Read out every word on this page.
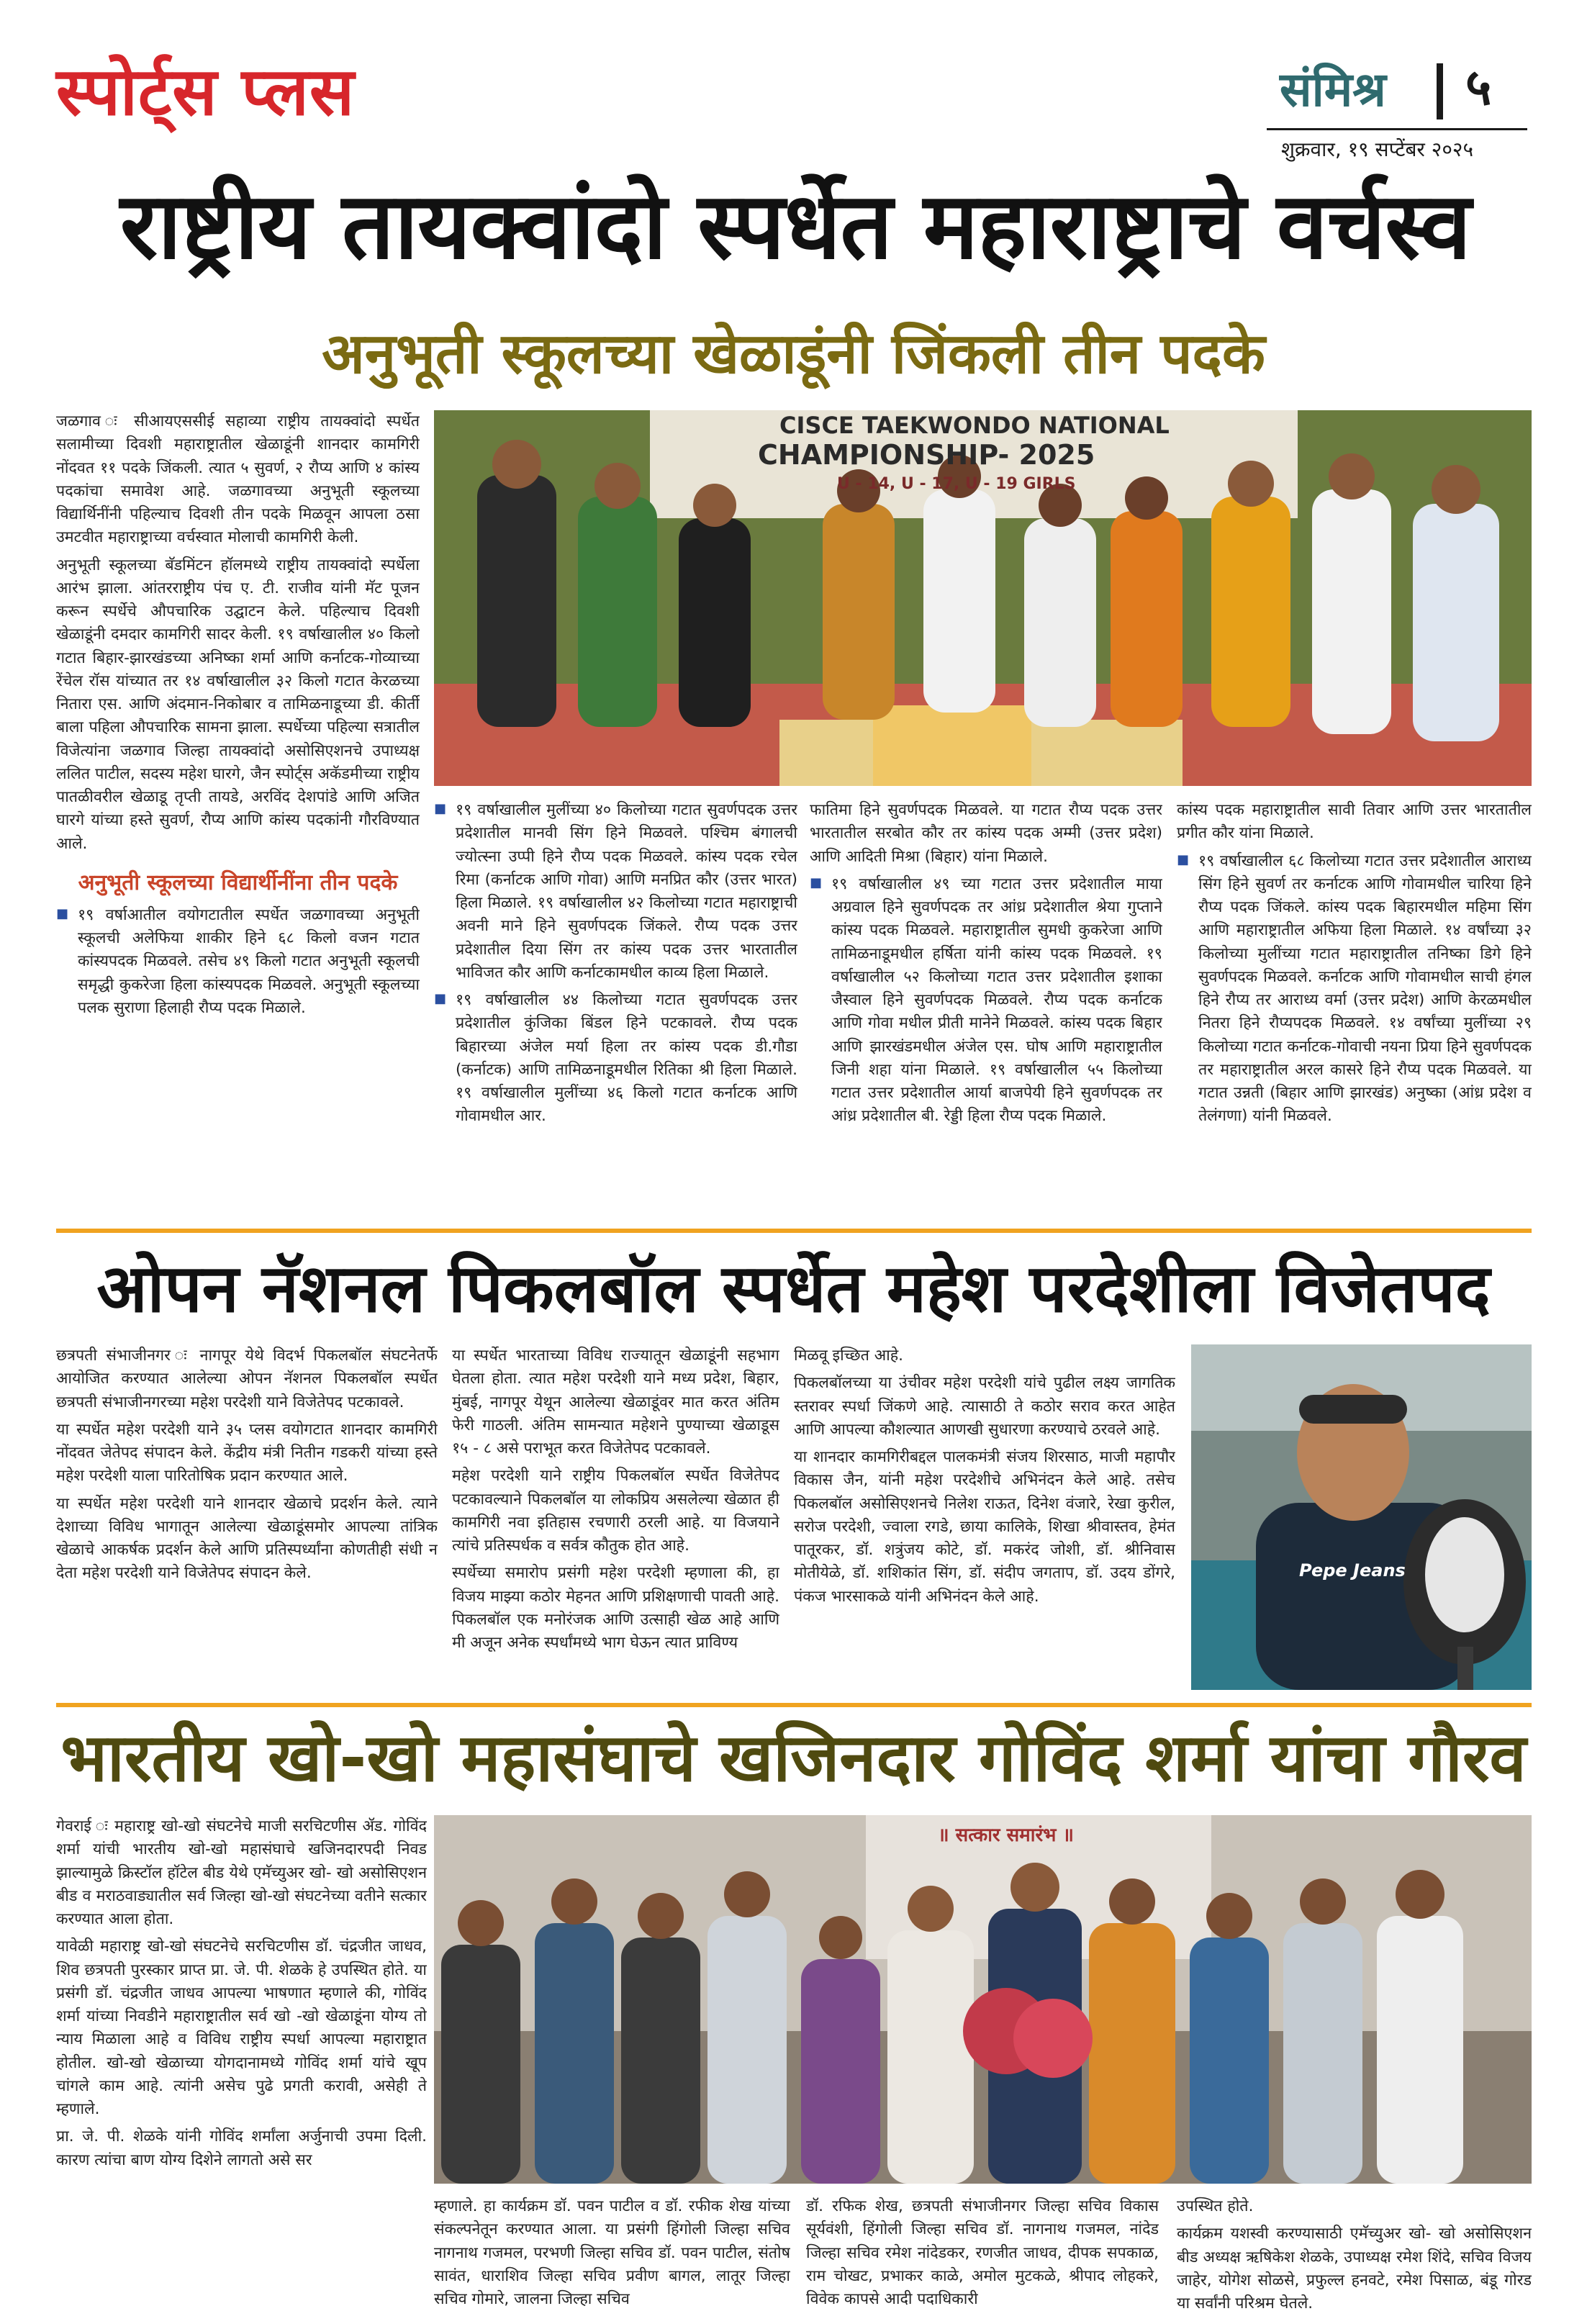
स्पोर्ट्स प्लस	संमिश्र ५
शुक्रवार, १९ सप्टेंबर २०२५
राष्ट्रीय तायक्वांदो स्पर्धेत महाराष्ट्राचे वर्चस्व
अनुभूती स्कूलच्या खेळाडूंनी जिंकली तीन पदके
CISCE TAEKWONDO NATIONAL
CHAMPIONSHIP- 2025
U - 14, U - 17, U - 19 GIRLS

जळगाव ः सीआयएससीई सहाव्या राष्ट्रीय तायक्वांदो स्पर्धेत सलामीच्या दिवशी महाराष्ट्रातील खेळाडूंनी शानदार कामगिरी नोंदवत ११ पदके जिंकली. त्यात ५ सुवर्ण, २ रौप्य आणि ४ कांस्य पदकांचा समावेश आहे. जळगावच्या अनुभूती स्कूलच्या विद्यार्थिनींनी पहिल्याच दिवशी तीन पदके मिळवून आपला ठसा उमटवीत महाराष्ट्राच्या वर्चस्वात मोलाची कामगिरी केली.

अनुभूती स्कूलच्या बॅडमिंटन हॉलमध्ये राष्ट्रीय तायक्वांदो स्पर्धेला आरंभ झाला. आंतरराष्ट्रीय पंच ए. टी. राजीव यांनी मॅट पूजन करून स्पर्धेचे औपचारिक उद्घाटन केले. पहिल्याच दिवशी खेळाडूंनी दमदार कामगिरी सादर केली. १९ वर्षाखालील ४० किलो गटात बिहार-झारखंडच्या अनिष्का शर्मा आणि कर्नाटक-गोव्याच्या रेंचेल रॉस यांच्यात तर १४ वर्षाखालील ३२ किलो गटात केरळच्या नितारा एस. आणि अंदमान-निकोबार व तामिळनाडूच्या डी. कीर्ती बाला पहिला औपचारिक सामना झाला. स्पर्धेच्या पहिल्या सत्रातील विजेत्यांना जळगाव जिल्हा तायक्वांदो असोसिएशनचे उपाध्यक्ष ललित पाटील, सदस्य महेश घारगे, जैन स्पोर्ट्स अकॅडमीच्या राष्ट्रीय पातळीवरील खेळाडू तृप्ती तायडे, अरविंद देशपांडे आणि अजित घारगे यांच्या हस्ते सुवर्ण, रौप्य आणि कांस्य पदकांनी गौरविण्यात आले.

अनुभूती स्कूलच्या विद्यार्थीनींना तीन पदके

■ १९ वर्षाआतील वयोगटातील स्पर्धेत जळगावच्या अनुभूती स्कूलची अलेफिया शाकीर हिने ६८ किलो वजन गटात कांस्यपदक मिळवले. तसेच ४९ किलो गटात अनुभूती स्कूलची समृद्धी कुकरेजा हिला कांस्यपदक मिळवले. अनुभूती स्कूलच्या पलक सुराणा हिलाही रौप्य पदक मिळाले.

■ १९ वर्षाखालील मुलींच्या ४० किलोच्या गटात सुवर्णपदक उत्तर प्रदेशातील मानवी सिंग हिने मिळवले. पश्चिम बंगालची ज्योत्स्ना उप्पी हिने रौप्य पदक मिळवले. कांस्य पदक रचेल रिमा (कर्नाटक आणि गोवा) आणि मनप्रित कौर (उत्तर भारत) हिला मिळाले. १९ वर्षाखालील ४२ किलोच्या गटात महाराष्ट्राची अवनी माने हिने सुवर्णपदक जिंकले. रौप्य पदक उत्तर प्रदेशातील दिया सिंग तर कांस्य पदक उत्तर भारतातील भाविजत कौर आणि कर्नाटकामधील काव्य हिला मिळाले.

■ १९ वर्षाखालील ४४ किलोच्या गटात सुवर्णपदक उत्तर प्रदेशातील कुंजिका बिंडल हिने पटकावले. रौप्य पदक बिहारच्या अंजेल मर्या हिला तर कांस्य पदक डी.गौडा (कर्नाटक) आणि तामिळनाडूमधील रितिका श्री हिला मिळाले. १९ वर्षाखालील मुलींच्या ४६ किलो गटात कर्नाटक आणि गोवामधील आर.

फातिमा हिने सुवर्णपदक मिळवले. या गटात रौप्य पदक उत्तर भारतातील सरबोत कौर तर कांस्य पदक अम्मी (उत्तर प्रदेश) आणि आदिती मिश्रा (बिहार) यांना मिळाले.

■ १९ वर्षाखालील ४९ च्या गटात उत्तर प्रदेशातील माया अग्रवाल हिने सुवर्णपदक तर आंध्र प्रदेशातील श्रेया गुप्ताने कांस्य पदक मिळवले. महाराष्ट्रातील सुमधी कुकरेजा आणि तामिळनाडूमधील हर्षिता यांनी कांस्य पदक मिळवले. १९ वर्षाखालील ५२ किलोच्या गटात उत्तर प्रदेशातील इशाका जैस्वाल हिने सुवर्णपदक मिळवले. रौप्य पदक कर्नाटक आणि गोवा मधील प्रीती मानेने मिळवले. कांस्य पदक बिहार आणि झारखंडमधील अंजेल एस. घोष आणि महाराष्ट्रातील जिनी शहा यांना मिळाले. १९ वर्षाखालील ५५ किलोच्या गटात उत्तर प्रदेशातील आर्या बाजपेयी हिने सुवर्णपदक तर आंध्र प्रदेशातील बी. रेड्डी हिला रौप्य पदक मिळाले.

कांस्य पदक महाराष्ट्रातील सावी तिवार आणि उत्तर भारतातील प्रगीत कौर यांना मिळाले.

■ १९ वर्षाखालील ६८ किलोच्या गटात उत्तर प्रदेशातील आराध्य सिंग हिने सुवर्ण तर कर्नाटक आणि गोवामधील चारिया हिने रौप्य पदक जिंकले. कांस्य पदक बिहारमधील महिमा सिंग आणि महाराष्ट्रातील अफिया हिला मिळाले. १४ वर्षांच्या ३२ किलोच्या मुलींच्या गटात महाराष्ट्रातील तनिष्का डिगे हिने सुवर्णपदक मिळवले. कर्नाटक आणि गोवामधील साची हंगल हिने रौप्य तर आराध्य वर्मा (उत्तर प्रदेश) आणि केरळमधील नितरा हिने रौप्यपदक मिळवले. १४ वर्षांच्या मुलींच्या २९ किलोच्या गटात कर्नाटक-गोवाची नयना प्रिया हिने सुवर्णपदक तर महाराष्ट्रातील अरल कासरे हिने रौप्य पदक मिळवले. या गटात उन्नती (बिहार आणि झारखंड) अनुष्का (आंध्र प्रदेश व तेलंगणा) यांनी मिळवले.

ओपन नॅशनल पिकलबॉल स्पर्धेत महेश परदेशीला विजेतपद

छत्रपती संभाजीनगर ः नागपूर येथे विदर्भ पिकलबॉल संघटनेतर्फे आयोजित करण्यात आलेल्या ओपन नॅशनल पिकलबॉल स्पर्धेत छत्रपती संभाजीनगरच्या महेश परदेशी याने विजेतेपद पटकावले.

या स्पर्धेत महेश परदेशी याने ३५ प्लस वयोगटात शानदार कामगिरी नोंदवत जेतेपद संपादन केले. केंद्रीय मंत्री नितीन गडकरी यांच्या हस्ते महेश परदेशी याला पारितोषिक प्रदान करण्यात आले.

या स्पर्धेत महेश परदेशी याने शानदार खेळाचे प्रदर्शन केले. त्याने देशाच्या विविध भागातून आलेल्या खेळाडूंसमोर आपल्या तांत्रिक खेळाचे आकर्षक प्रदर्शन केले आणि प्रतिस्पर्ध्यांना कोणतीही संधी न देता महेश परदेशी याने विजेतेपद संपादन केले.

या स्पर्धेत भारताच्या विविध राज्यातून खेळाडूंनी सहभाग घेतला होता. त्यात महेश परदेशी याने मध्य प्रदेश, बिहार, मुंबई, नागपूर येथून आलेल्या खेळाडूंवर मात करत अंतिम फेरी गाठली. अंतिम सामन्यात महेशने पुण्याच्या खेळाडूस १५ - ८ असे पराभूत करत विजेतेपद पटकावले.

महेश परदेशी याने राष्ट्रीय पिकलबॉल स्पर्धेत विजेतेपद पटकावल्याने पिकलबॉल या लोकप्रिय असलेल्या खेळात ही कामगिरी नवा इतिहास रचणारी ठरली आहे. या विजयाने त्यांचे प्रतिस्पर्धक व सर्वत्र कौतुक होत आहे.

स्पर्धेच्या समारोप प्रसंगी महेश परदेशी म्हणाला की, हा विजय माझ्या कठोर मेहनत आणि प्रशिक्षणाची पावती आहे. पिकलबॉल एक मनोरंजक आणि उत्साही खेळ आहे आणि मी अजून अनेक स्पर्धांमध्ये भाग घेऊन त्यात प्राविण्य

मिळवू इच्छित आहे.

पिकलबॉलच्या या उंचीवर महेश परदेशी यांचे पुढील लक्ष्य जागतिक स्तरावर स्पर्धा जिंकणे आहे. त्यासाठी ते कठोर सराव करत आहेत आणि आपल्या कौशल्यात आणखी सुधारणा करण्याचे ठरवले आहे.

या शानदार कामगिरीबद्दल पालकमंत्री संजय शिरसाठ, माजी महापौर विकास जैन, यांनी महेश परदेशीचे अभिनंदन केले आहे. तसेच पिकलबॉल असोसिएशनचे निलेश राऊत, दिनेश वंजारे, रेखा कुरील, सरोज परदेशी, ज्वाला रगडे, छाया कालिके, शिखा श्रीवास्तव, हेमंत पातूरकर, डॉ. शत्रुंजय कोटे, डॉ. मकरंद जोशी, डॉ. श्रीनिवास मोतीयेळे, डॉ. शशिकांत सिंग, डॉ. संदीप जगताप, डॉ. उदय डोंगरे, पंकज भारसाकळे यांनी अभिनंदन केले आहे.

Pepe Jeans
भारतीय खो-खो महासंघाचे खजिनदार गोविंद शर्मा यांचा गौरव

गेवराई ः महाराष्ट्र खो-खो संघटनेचे माजी सरचिटणीस ॲड. गोविंद शर्मा यांची भारतीय खो-खो महासंघाचे खजिनदारपदी निवड झाल्यामुळे क्रिस्टॉल हॉटेल बीड येथे एमॅच्युअर खो- खो असोसिएशन बीड व मराठवाड्यातील सर्व जिल्हा खो-खो संघटनेच्या वतीने सत्कार करण्यात आला होता.

यावेळी महाराष्ट्र खो-खो संघटनेचे सरचिटणीस डॉ. चंद्रजीत जाधव, शिव छत्रपती पुरस्कार प्राप्त प्रा. जे. पी. शेळके हे उपस्थित होते. या प्रसंगी डॉ. चंद्रजीत जाधव आपल्या भाषणात म्हणाले की, गोविंद शर्मा यांच्या निवडीने महाराष्ट्रातील सर्व खो -खो खेळाडूंना योग्य तो न्याय मिळाला आहे व विविध राष्ट्रीय स्पर्धा आपल्या महाराष्ट्रात होतील. खो-खो खेळाच्या योगदानामध्ये गोविंद शर्मा यांचे खूप चांगले काम आहे. त्यांनी असेच पुढे प्रगती करावी, असेही ते म्हणाले.

प्रा. जे. पी. शेळके यांनी गोविंद शर्मांला अर्जुनाची उपमा दिली. कारण त्यांचा बाण योग्य दिशेने लागतो असे सर

॥ सत्कार समारंभ ॥

म्हणाले. हा कार्यक्रम डॉ. पवन पाटील व डॉ. रफीक शेख यांच्या संकल्पनेतून करण्यात आला. या प्रसंगी हिंगोली जिल्हा सचिव नागनाथ गजमल, परभणी जिल्हा सचिव डॉ. पवन पाटील, संतोष सावंत, धाराशिव जिल्हा सचिव प्रवीण बागल, लातूर जिल्हा सचिव गोमारे, जालना जिल्हा सचिव

डॉ. रफिक शेख, छत्रपती संभाजीनगर जिल्हा सचिव विकास सूर्यवंशी, हिंगोली जिल्हा सचिव डॉ. नागनाथ गजमल, नांदेड जिल्हा सचिव रमेश नांदेडकर, रणजीत जाधव, दीपक सपकाळ, राम चोखट, प्रभाकर काळे, अमोल मुटकळे, श्रीपाद लोहकरे, विवेक कापसे आदी पदाधिकारी

उपस्थित होते.

कार्यक्रम यशस्वी करण्यासाठी एमॅच्युअर खो- खो असोसिएशन बीड अध्यक्ष ऋषिकेश शेळके, उपाध्यक्ष रमेश शिंदे, सचिव विजय जाहेर, योगेश सोळसे, प्रफुल्ल हनवटे, रमेश पिसाळ, बंडू गोरड या सर्वांनी परिश्रम घेतले.
